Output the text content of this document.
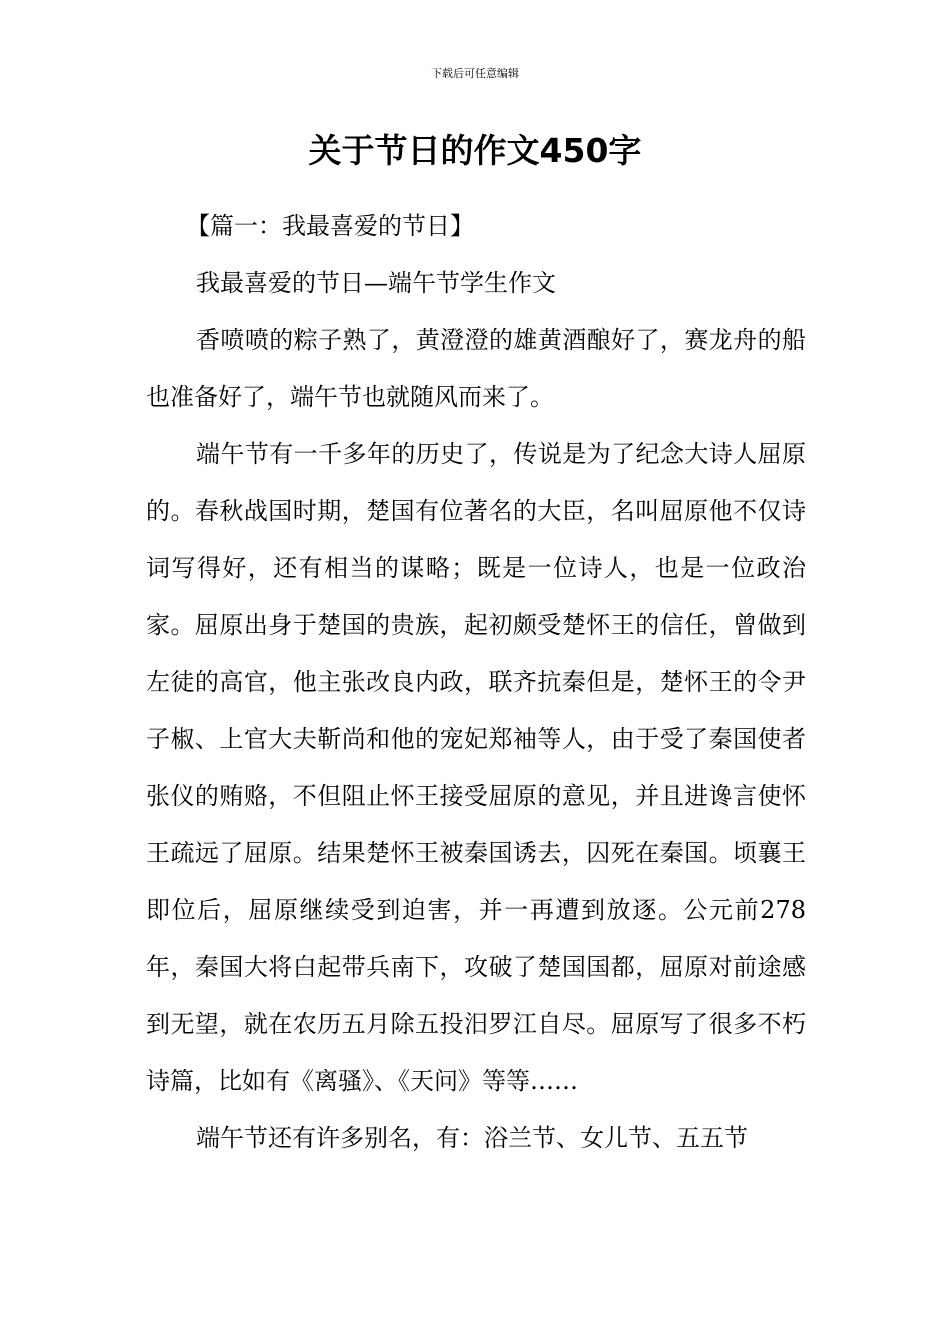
下载后可任意编辑
关于节日的作文450字

【篇一：我最喜爱的节日】

我最喜爱的节日—端午节学生作文

香喷喷的粽子熟了，黄澄澄的雄黄酒酿好了，赛龙舟的船也准备好了，端午节也就随风而来了。

端午节有一千多年的历史了，传说是为了纪念大诗人屈原的。春秋战国时期，楚国有位著名的大臣，名叫屈原他不仅诗词写得好，还有相当的谋略；既是一位诗人，也是一位政治家。屈原出身于楚国的贵族，起初颇受楚怀王的信任，曾做到左徒的高官，他主张改良内政，联齐抗秦但是，楚怀王的令尹子椒、上官大夫靳尚和他的宠妃郑袖等人，由于受了秦国使者张仪的贿赂，不但阻止怀王接受屈原的意见，并且进谗言使怀王疏远了屈原。结果楚怀王被秦国诱去，囚死在秦国。顷襄王即位后，屈原继续受到迫害，并一再遭到放逐。公元前278年，秦国大将白起带兵南下，攻破了楚国国都，屈原对前途感到无望，就在农历五月除五投汨罗江自尽。屈原写了很多不朽诗篇，比如有《离骚》、《天问》等等……

端午节还有许多别名，有：浴兰节、女儿节、五五节
